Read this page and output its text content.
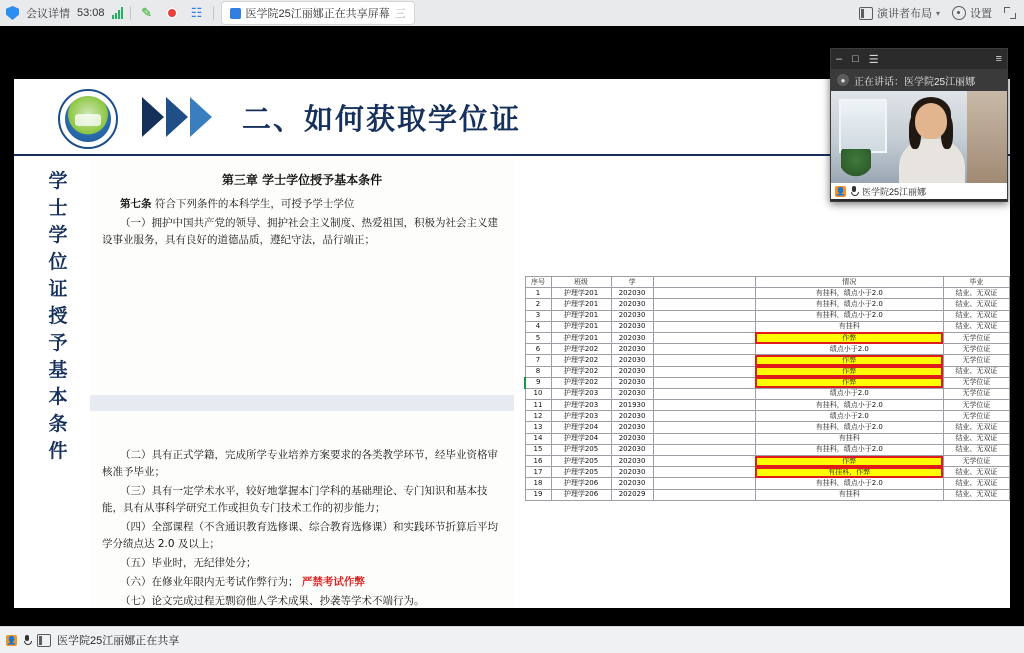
会议详情 53:08	✎	☷	医学院25江丽娜正在共享屏幕 三	演讲者布局 ▾	设置
二、如何获取学位证
学
士
学
位
证
授
予
基
本
条
件
第三章 学士学位授予基本条件

第七条 符合下列条件的本科学生，可授予学士学位

（一）拥护中国共产党的领导、拥护社会主义制度、热爱祖国，积极为社会主义建设事业服务，具有良好的道德品质，遵纪守法，品行端正；

（二）具有正式学籍，完成所学专业培养方案要求的各类教学环节，经毕业资格审核准予毕业；

（三）具有一定学术水平，较好地掌握本门学科的基础理论、专门知识和基本技能，具有从事科学研究工作或担负专门技术工作的初步能力；

（四）全部课程（不含通识教育选修课、综合教育选修课）和实践环节折算后平均学分绩点达 2.0 及以上；

（五）毕业时，无纪律处分；

（六）在修业年限内无考试作弊行为； 严禁考试作弊

（七）论文完成过程无剽窃他人学术成果、抄袭等学术不端行为。

序号	班级	学		情况	毕业
1	护理学201	202030		有挂科，绩点小于2.0	结业、无双证
2	护理学201	202030		有挂科，绩点小于2.0	结业、无双证
3	护理学201	202030		有挂科，绩点小于2.0	结业、无双证
4	护理学201	202030		有挂科	结业、无双证
5	护理学201	202030		作弊	无学位证
6	护理学202	202030		绩点小于2.0	无学位证
7	护理学202	202030		作弊	无学位证
8	护理学202	202030		作弊	结业、无双证
9	护理学202	202030		作弊	无学位证
10	护理学203	202030		绩点小于2.0	无学位证
11	护理学203	201930		有挂科，绩点小于2.0	无学位证
12	护理学203	202030		绩点小于2.0	无学位证
13	护理学204	202030		有挂科，绩点小于2.0	结业、无双证
14	护理学204	202030		有挂科	结业、无双证
15	护理学205	202030		有挂科，绩点小于2.0	结业、无双证
16	护理学205	202030		作弊	无学位证
17	护理学205	202030		有挂科，作弊	结业、无双证
18	护理学206	202030		有挂科，绩点小于2.0	结业、无双证
19	护理学206	202029		有挂科	结业、无双证
– □ ☰	≡
● 正在讲话：医学院25江丽娜
👤 医学院25江丽娜
👤	医学院25江丽娜正在共享
